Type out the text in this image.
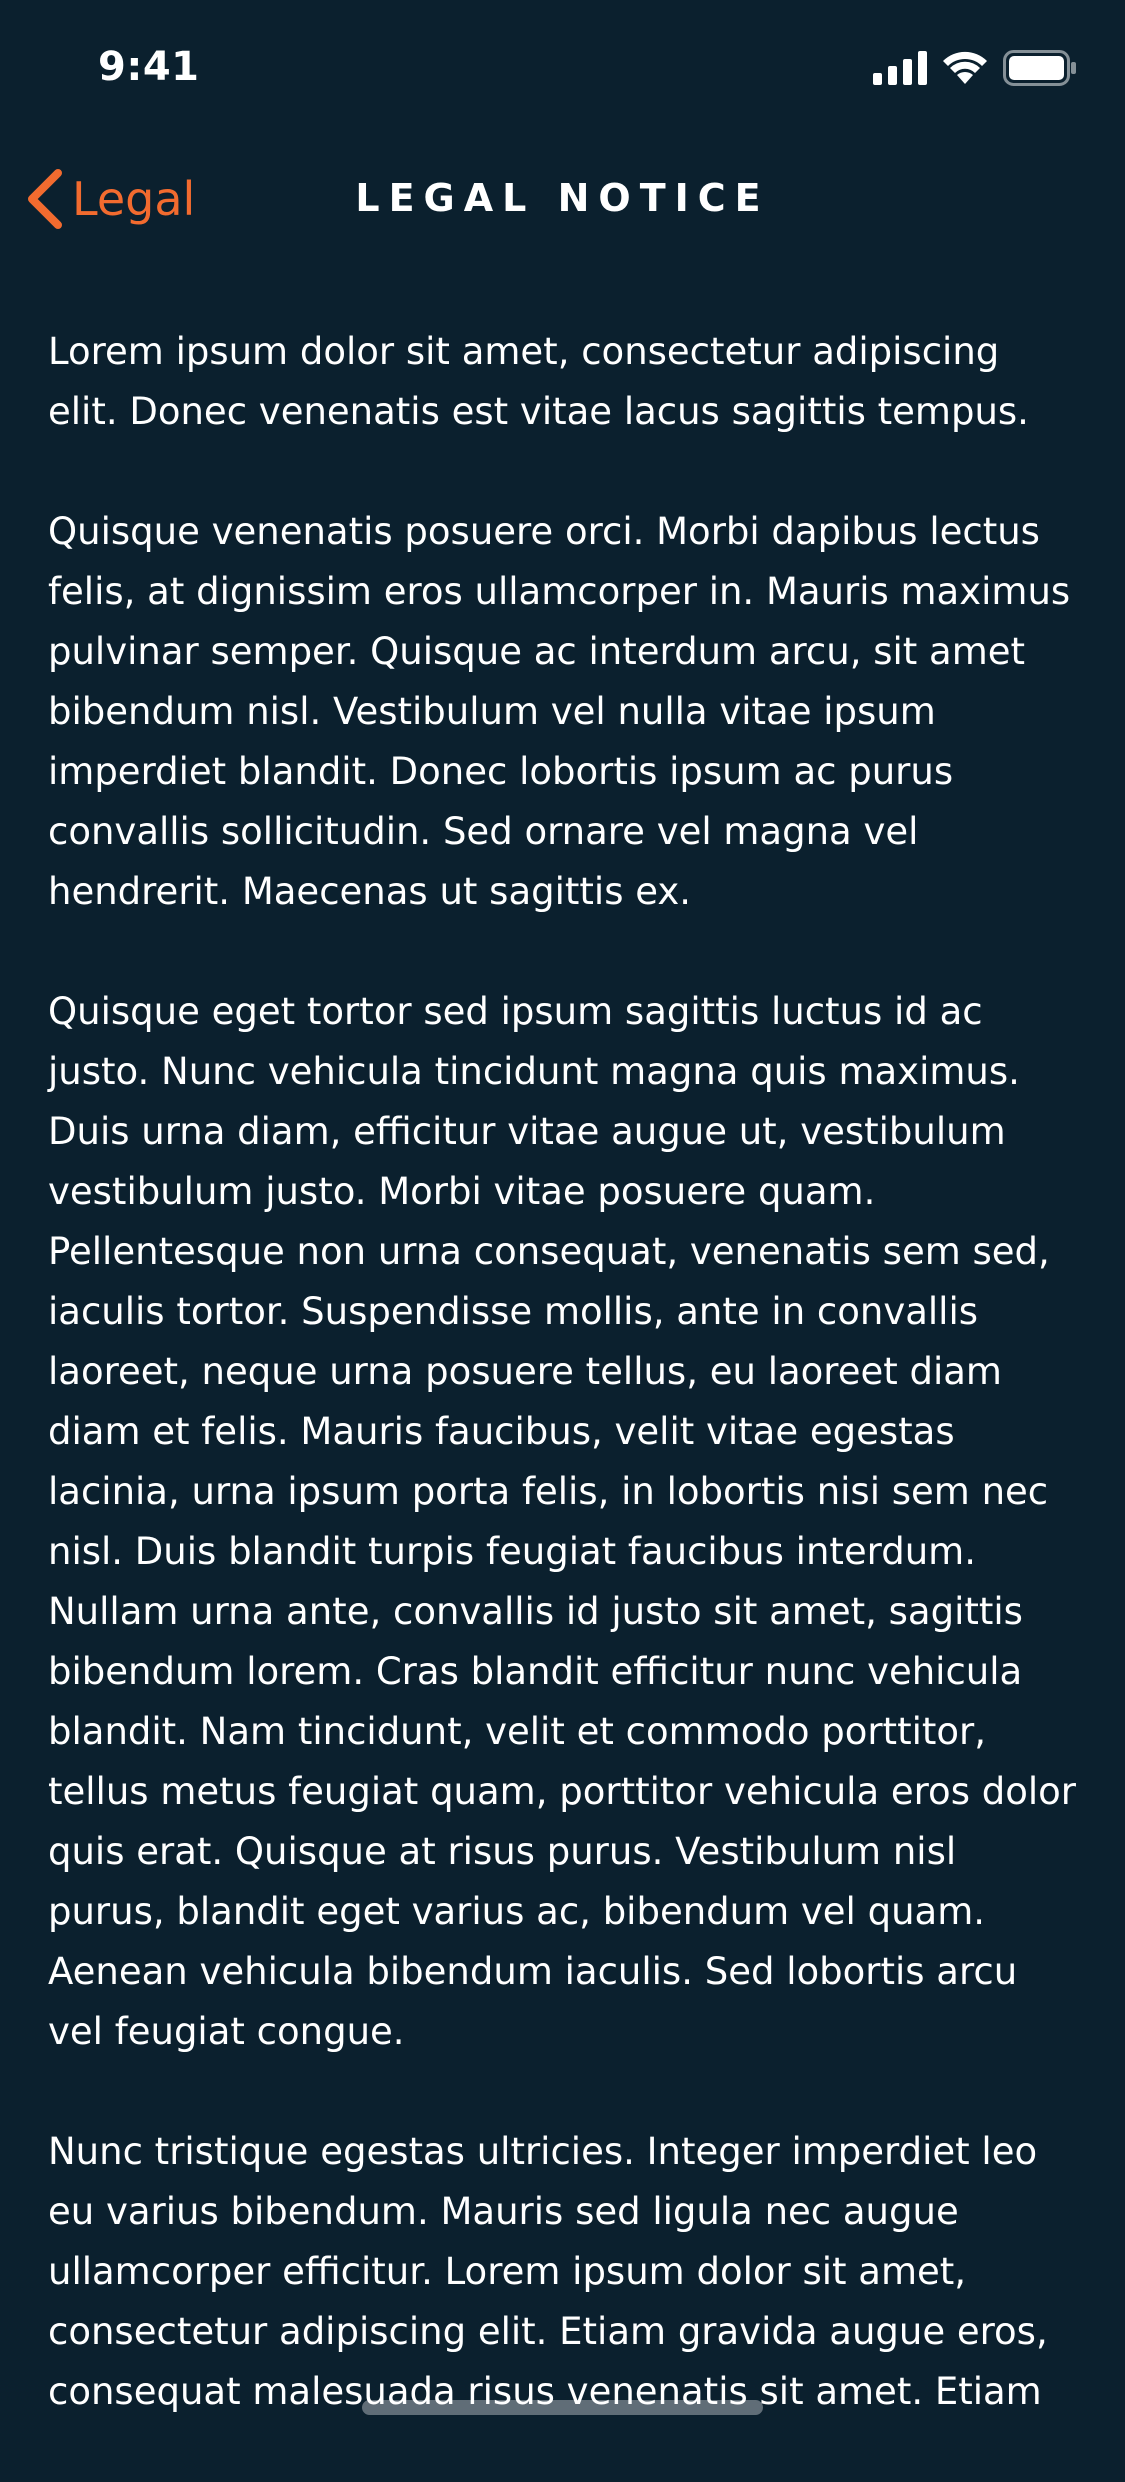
9:41
Legal	LEGAL NOTICE

Lorem ipsum dolor sit amet, consectetur adipiscing elit. Donec venenatis est vitae lacus sagittis tempus.

Quisque venenatis posuere orci. Morbi dapibus lectus felis, at dignissim eros ullamcorper in. Mauris maximus pulvinar semper. Quisque ac interdum arcu, sit amet bibendum nisl. Vestibulum vel nulla vitae ipsum imperdiet blandit. Donec lobortis ipsum ac purus convallis sollicitudin. Sed ornare vel magna vel hendrerit. Maecenas ut sagittis ex.

Quisque eget tortor sed ipsum sagittis luctus id ac justo. Nunc vehicula tincidunt magna quis maximus. Duis urna diam, efficitur vitae augue ut, vestibulum vestibulum justo. Morbi vitae posuere quam. Pellentesque non urna consequat, venenatis sem sed, iaculis tortor. Suspendisse mollis, ante in convallis laoreet, neque urna posuere tellus, eu laoreet diam diam et felis. Mauris faucibus, velit vitae egestas lacinia, urna ipsum porta felis, in lobortis nisi sem nec nisl. Duis blandit turpis feugiat faucibus interdum. Nullam urna ante, convallis id justo sit amet, sagittis bibendum lorem. Cras blandit efficitur nunc vehicula blandit. Nam tincidunt, velit et commodo porttitor, tellus metus feugiat quam, porttitor vehicula eros dolor quis erat. Quisque at risus purus. Vestibulum nisl purus, blandit eget varius ac, bibendum vel quam. Aenean vehicula bibendum iaculis. Sed lobortis arcu vel feugiat congue.

Nunc tristique egestas ultricies. Integer imperdiet leo eu varius bibendum. Mauris sed ligula nec augue ullamcorper efficitur. Lorem ipsum dolor sit amet, consectetur adipiscing elit. Etiam gravida augue eros, consequat malesuada risus venenatis sit amet. Etiam
